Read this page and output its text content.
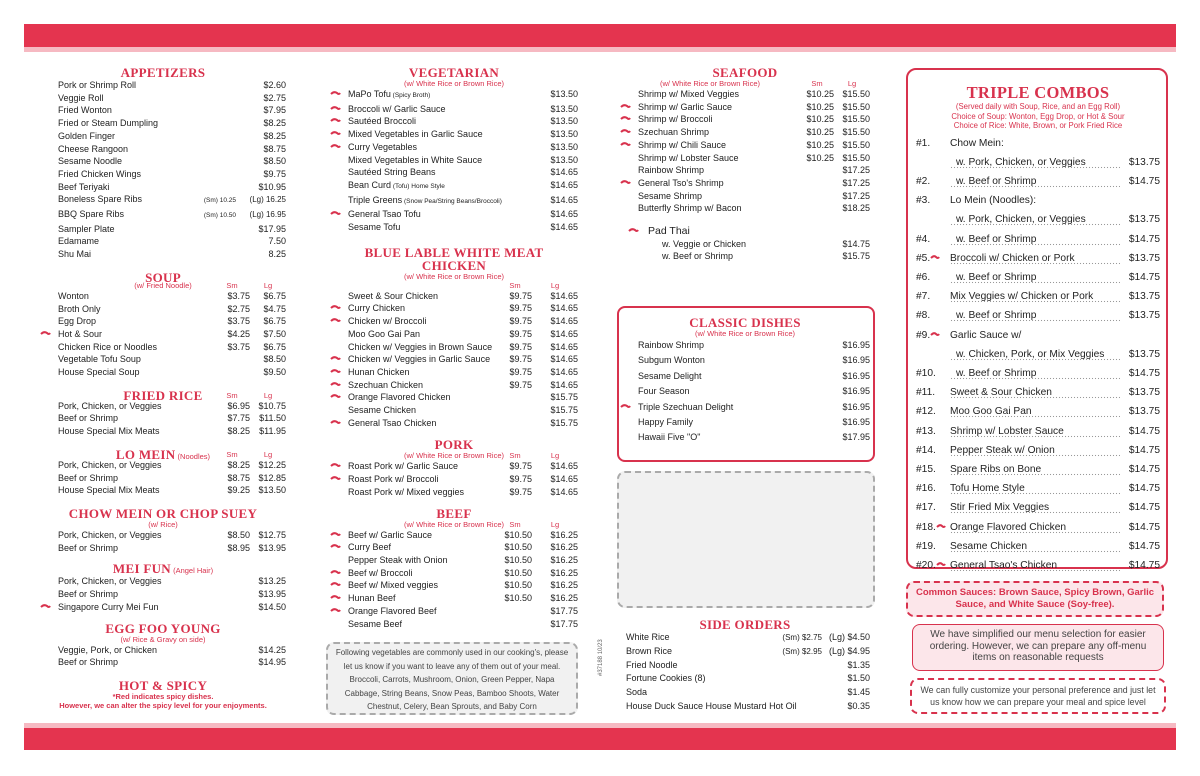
APPETIZERS
Pork or Shrimp Roll	$2.60
Veggie Roll	$2.75
Fried Wonton	$7.95
Fried or Steam Dumpling	$8.25
Golden Finger	$8.25
Cheese Rangoon	$8.75
Sesame Noodle	$8.50
Fried Chicken Wings	$9.75
Beef Teriyaki	$10.95
Boneless Spare Ribs	(Sm) 10.25	(Lg) 16.25
BBQ Spare Ribs	(Sm) 10.50	(Lg) 16.95
Sampler Plate	$17.95
Edamame	7.50
Shu Mai	8.25
SOUP
(w/ Fried Noodle)	Sm	Lg
Wonton	$3.75	$6.75
Broth Only	$2.75	$4.75
Egg Drop	$3.75	$6.75
Hot & Sour	$4.25	$7.50
Chicken Rice or Noodles	$3.75	$6.75
Vegetable Tofu Soup	$8.50
House Special Soup	$9.50
FRIED RICE	Sm	Lg
Pork, Chicken, or Veggies	$6.95 $10.75
Beef or Shrimp	$7.75	$11.50
House Special Mix Meats	$8.25	$11.95
LO MEIN (Noodles)	Sm	Lg
Pork, Chicken, or Veggies	$8.25 $12.25
Beef or Shrimp	$8.75 $12.85
House Special Mix Meats	$9.25 $13.50
CHOW MEIN OR CHOP SUEY
(w/ Rice)
Pork, Chicken, or Veggies	$8.50 $12.75
Beef or Shrimp	$8.95 $13.95
MEI FUN (Angel Hair)
Pork, Chicken, or Veggies	$13.25
Beef or Shrimp	$13.95
Singapore Curry Mei Fun	$14.50
EGG FOO YOUNG
(w/ Rice & Gravy on side)
Veggie, Pork, or Chicken	$14.25
Beef or Shrimp	$14.95
HOT & SPICY
*Red indicates spicy dishes.
However, we can alter the spicy level for your enjoyments.
VEGETARIAN
(w/ White Rice or Brown Rice)
MaPo Tofu (Spicy Broth)	$13.50
Broccoli w/ Garlic Sauce	$13.50
Sautéed Broccoli	$13.50
Mixed Vegetables in Garlic Sauce	$13.50
Curry Vegetables	$13.50
Mixed Vegetables in White Sauce	$13.50
Sautéed String Beans	$14.65
Bean Curd (Tofu) Home Style	$14.65
Triple Greens (Snow Pea/String Beans/Broccoli)	$14.65
General Tsao Tofu	$14.65
Sesame Tofu	$14.65
BLUE LABLE WHITE MEAT
CHICKEN
(w/ White Rice or Brown Rice)
Sm	Lg
Sweet & Sour Chicken	$9.75	$14.65
Curry Chicken	$9.75	$14.65
Chicken w/ Broccoli	$9.75	$14.65
Moo Goo Gai Pan	$9.75	$14.65
Chicken w/ Veggies in Brown Sauce	$9.75	$14.65
Chicken w/ Veggies in Garlic Sauce	$9.75	$14.65
Hunan Chicken	$9.75	$14.65
Szechuan Chicken	$9.75	$14.65
Orange Flavored Chicken	$15.75
Sesame Chicken	$15.75
General Tsao Chicken	$15.75
PORK
(w/ White Rice or Brown Rice) Sm	Lg
Roast Pork w/ Garlic Sauce	$9.75	$14.65
Roast Pork w/ Broccoli	$9.75	$14.65
Roast Pork w/ Mixed veggies	$9.75	$14.65
BEEF
(w/ White Rice or Brown Rice) Sm	Lg
Beef w/ Garlic Sauce	$10.50	$16.25
Curry Beef	$10.50	$16.25
Pepper Steak with Onion	$10.50	$16.25
Beef w/ Broccoli	$10.50	$16.25
Beef w/ Mixed veggies	$10.50	$16.25
Hunan Beef	$10.50	$16.25
Orange Flavored Beef	$17.75
Sesame Beef	$17.75
SEAFOOD
(w/ White Rice or Brown Rice)	Sm	Lg
Shrimp w/ Mixed Veggies	$10.25 $15.50
Shrimp w/ Garlic Sauce	$10.25 $15.50
Shrimp w/ Broccoli	$10.25 $15.50
Szechuan Shrimp	$10.25 $15.50
Shrimp w/ Chili Sauce	$10.25 $15.50
Shrimp w/ Lobster Sauce	$10.25 $15.50
Rainbow Shrimp	$17.25
General Tso's Shrimp	$17.25
Sesame Shrimp	$17.25
Butterfly Shrimp w/ Bacon	$18.25
Pad Thai
w. Veggie or Chicken	$14.75
w. Beef or Shrimp	$15.75
CLASSIC DISHES
(w/ White Rice or Brown Rice)
Rainbow Shrimp	$16.95
Subgum Wonton	$16.95
Sesame Delight	$16.95
Four Season	$16.95
Triple Szechuan Delight	$16.95
Happy Family	$16.95
Hawaii Five "O"	$17.95
SIDE ORDERS
White Rice	(Sm) $2.75 (Lg) $4.50
Brown Rice	(Sm) $2.95 (Lg) $4.95
Fried Noodle	$1.35
Fortune Cookies (8)	$1.50
Soda	$1.45
House Duck Sauce House Mustard Hot Oil	$0.35
Following vegetables are commonly used in our cooking's, please let us know if you want to leave any of them out of your meal. Broccoli, Carrots, Mushroom, Onion, Green Pepper, Napa Cabbage, String Beans, Snow Peas, Bamboo Shoots, Water Chestnut, Celery, Bean Sprouts, and Baby Corn
#37188 10/23
TRIPLE COMBOS
(Served daily with Soup, Rice, and an Egg Roll)
Choice of Soup: Wonton, Egg Drop, or Hot & Sour
Choice of Rice: White, Brown, or Pork Fried Rice
#1.	Chow Mein:
w. Pork, Chicken, or Veggies	$13.75
#2.	w. Beef or Shrimp	$14.75
#3.	Lo Mein (Noodles):
w. Pork, Chicken, or Veggies	$13.75
#4.	w. Beef or Shrimp	$14.75
#5.	Broccoli w/ Chicken or Pork	$13.75
#6.	w. Beef or Shrimp	$14.75
#7.	Mix Veggies w/ Chicken or Pork	$13.75
#8.	w. Beef or Shrimp	$13.75
#9.	Garlic Sauce w/
w. Chicken, Pork, or Mix Veggies	$13.75
#10.	w. Beef or Shrimp	$14.75
#11.	Sweet & Sour Chicken	$13.75
#12.	Moo Goo Gai Pan	$13.75
#13.	Shrimp w/ Lobster Sauce	$14.75
#14.	Pepper Steak w/ Onion	$14.75
#15.	Spare Ribs on Bone	$14.75
#16.	Tofu Home Style	$14.75
#17.	Stir Fried Mix Veggies	$14.75
#18.	Orange Flavored Chicken	$14.75
#19.	Sesame Chicken	$14.75
#20.	General Tsao's Chicken	$14.75
Common Sauces: Brown Sauce, Spicy Brown, Garlic Sauce, and White Sauce (Soy-free).
We have simplified our menu selection for easier ordering. However, we can prepare any off-menu items on reasonable requests
We can fully customize your personal preference and just let us know how we can prepare your meal and spice level
